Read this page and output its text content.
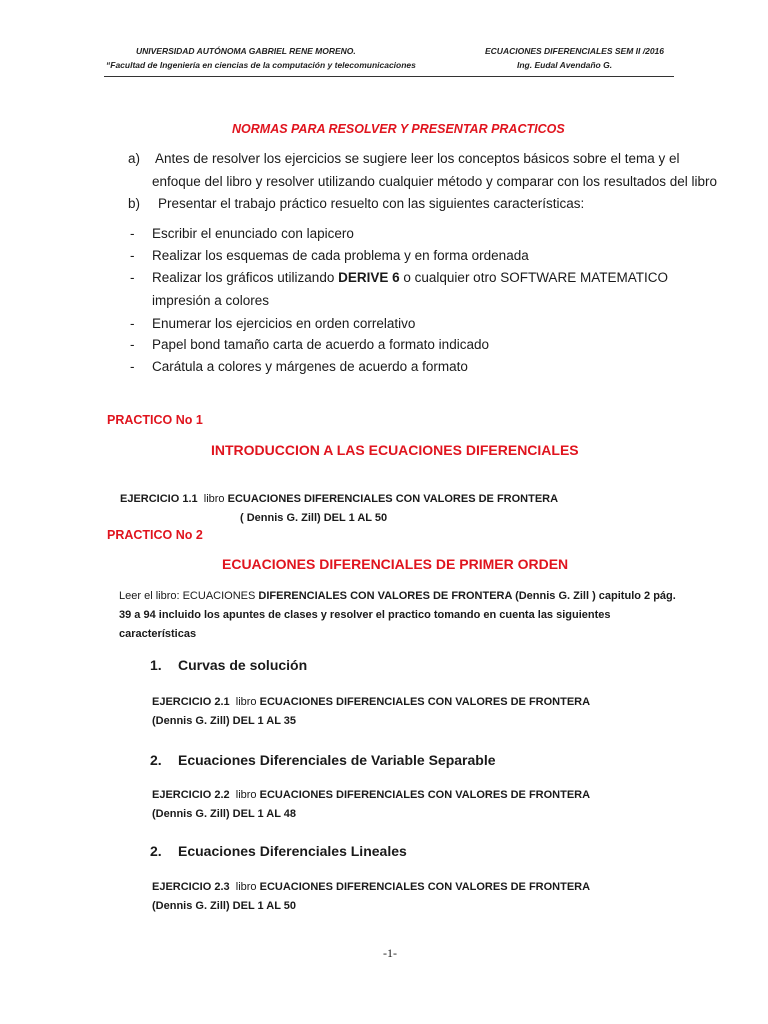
UNIVERSIDAD AUTÓNOMA GABRIEL RENE MORENO.
“Facultad de Ingeniería en ciencias de la computación y telecomunicaciones
ECUACIONES DIFERENCIALES SEM II /2016
Ing. Eudal Avendaño G.
NORMAS PARA RESOLVER Y PRESENTAR PRACTICOS
a) Antes de resolver los ejercicios se sugiere leer los conceptos básicos sobre el tema y el
enfoque del libro y resolver utilizando cualquier método y comparar con los resultados del libro
b) Presentar el trabajo práctico resuelto con las siguientes características:
- Escribir el enunciado con lapicero
- Realizar los esquemas de cada problema y en forma ordenada
- Realizar los gráficos utilizando DERIVE 6 o cualquier otro SOFTWARE MATEMATICO
impresión a colores
- Enumerar los ejercicios en orden correlativo
- Papel bond tamaño carta de acuerdo a formato indicado
- Carátula a colores y márgenes de acuerdo a formato
PRACTICO No 1
INTRODUCCION A LAS ECUACIONES DIFERENCIALES
EJERCICIO 1.1 libro ECUACIONES DIFERENCIALES CON VALORES DE FRONTERA
( Dennis G. Zill) DEL 1 AL 50
PRACTICO No 2
ECUACIONES DIFERENCIALES DE PRIMER ORDEN
Leer el libro: ECUACIONES DIFERENCIALES CON VALORES DE FRONTERA (Dennis G. Zill ) capitulo 2 pág.
39 a 94 incluido los apuntes de clases y resolver el practico tomando en cuenta las siguientes
características
1. Curvas de solución
EJERCICIO 2.1 libro ECUACIONES DIFERENCIALES CON VALORES DE FRONTERA
(Dennis G. Zill) DEL 1 AL 35
2. Ecuaciones Diferenciales de Variable Separable
EJERCICIO 2.2 libro ECUACIONES DIFERENCIALES CON VALORES DE FRONTERA
(Dennis G. Zill) DEL 1 AL 48
2. Ecuaciones Diferenciales Lineales
EJERCICIO 2.3 libro ECUACIONES DIFERENCIALES CON VALORES DE FRONTERA
(Dennis G. Zill) DEL 1 AL 50
-1-
